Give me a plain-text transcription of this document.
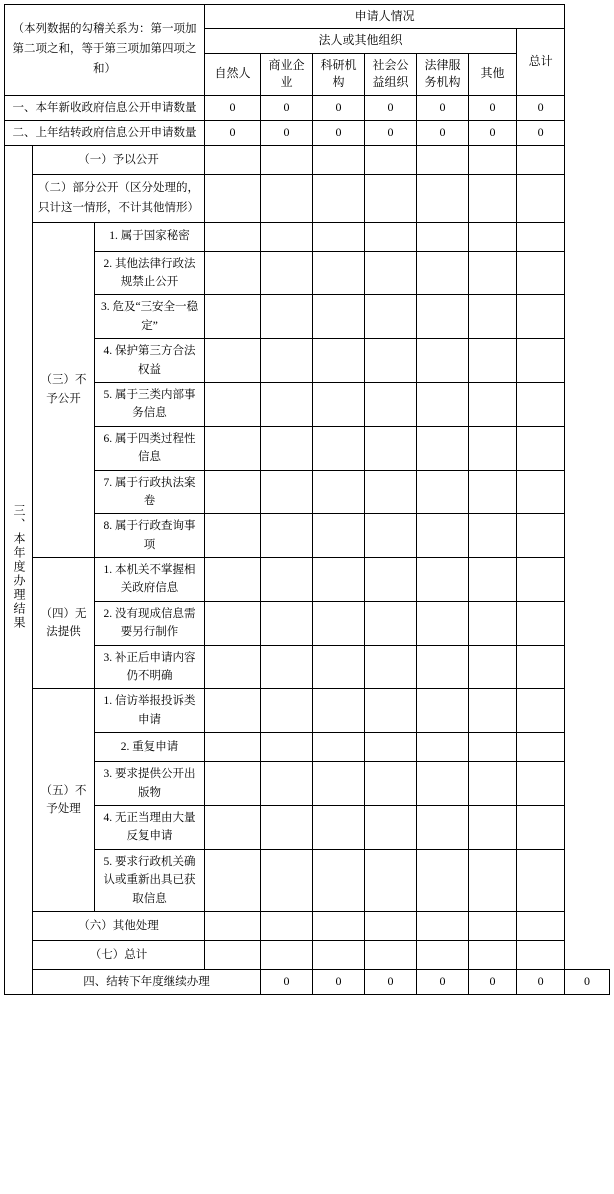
（本列数据的勾稽关系为：第一项加第二项之和，等于第三项加第四项之和）			申请人情况							
			法人或其他组织						总计	
			自然人	商业企业	科研机构	社会公益组织	法律服务机构	其他		
一、本年新收政府信息公开申请数量			0	0	0	0	0	0	0	
二、上年结转政府信息公开申请数量			0	0	0	0	0	0	0	
三、本年度办理结果	（一）予以公开									
	（二）部分公开（区分处理的，只计这一情形，不计其他情形）									
	（三）不予公开	1. 属于国家秘密								
		2. 其他法律行政法规禁止公开								
		3. 危及“三安全一稳定”								
		4. 保护第三方合法权益								
		5. 属于三类内部事务信息								
		6. 属于四类过程性信息								
		7. 属于行政执法案卷								
		8. 属于行政查询事项								
	（四）无法提供	1. 本机关不掌握相关政府信息								
		2. 没有现成信息需要另行制作								
		3. 补正后申请内容仍不明确								
	（五）不予处理	1. 信访举报投诉类申请								
		2. 重复申请								
		3. 要求提供公开出版物								
		4. 无正当理由大量反复申请								
		5. 要求行政机关确认或重新出具已获取信息								
	（六）其他处理									
	（七）总计									
	四、结转下年度继续办理			0	0	0	0	0	0	0
